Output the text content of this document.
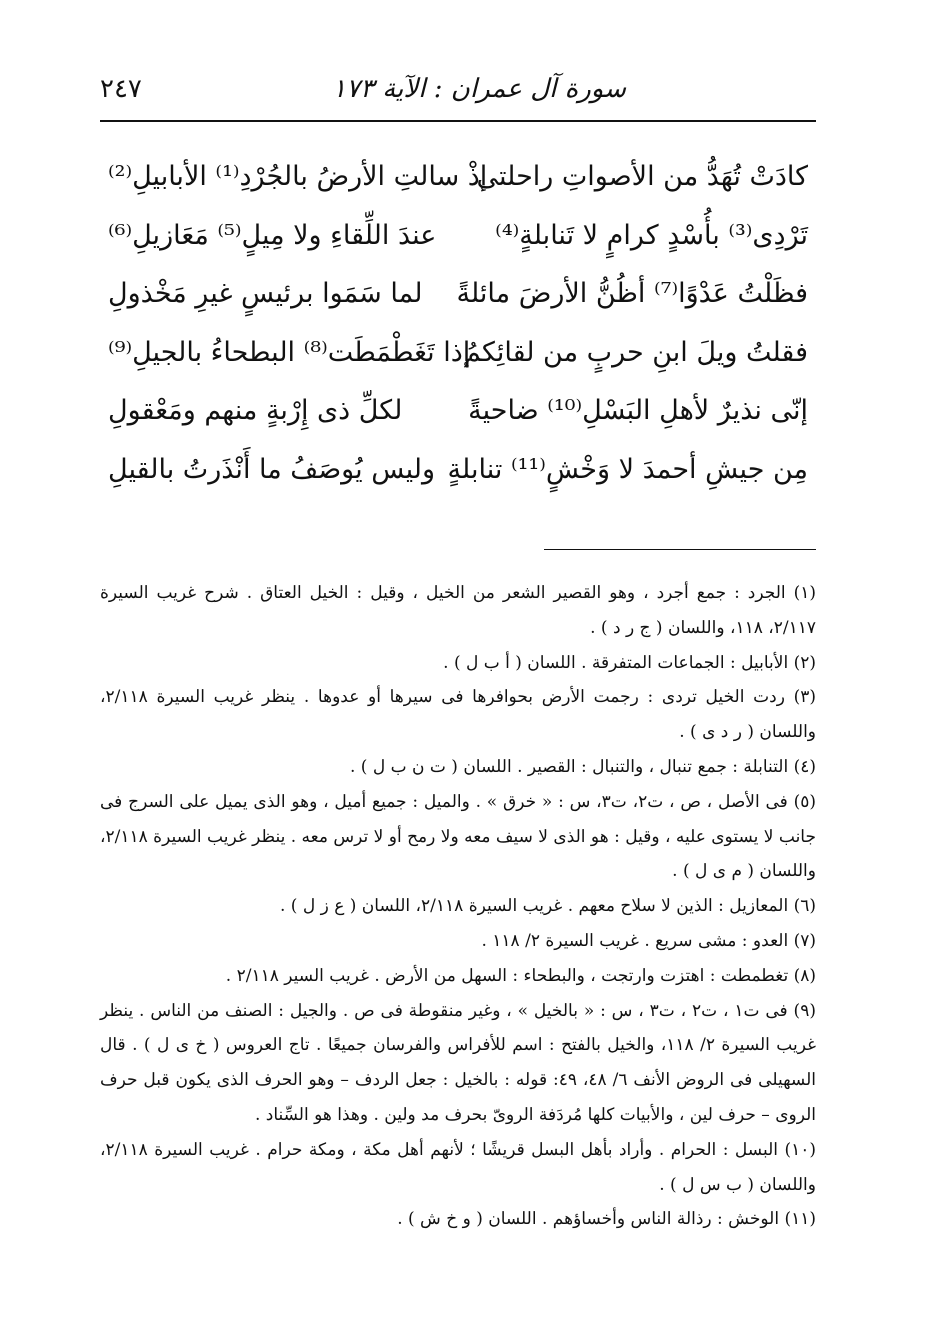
سورة آل عمران : الآية ١٧٣
٢٤٧
كادَتْ تُهَدُّ من الأصواتِ راحلتى
إذْ سالتِ الأرضُ بالجُرْدِ⁽¹⁾ الأبابيلِ⁽²⁾
تَرْدِى⁽³⁾ بأُسْدٍ كرامٍ لا تَنابلةٍ⁽⁴⁾
عندَ اللِّقاءِ ولا مِيلٍ⁽⁵⁾ مَعَازيلِ⁽⁶⁾
فظَلْتُ عَدْوًا⁽⁷⁾ أظُنُّ الأرضَ مائلةً
لما سَمَوا برئيسٍ غيرِ مَخْذولِ
فقلتُ ويلَ ابنِ حربٍ من لقائِكمُ
إذا تَغَطْمَطَت⁽⁸⁾ البطحاءُ بالجيلِ⁽⁹⁾
إنّى نذيرٌ لأهلِ البَسْلِ⁽¹⁰⁾ ضاحيةً
لكلِّ ذى إِرْبةٍ منهم ومَعْقولِ
مِن جيشِ أحمدَ لا وَخْشٍ⁽¹¹⁾ تنابلةٍ
وليس يُوصَفُ ما أَنْذَرتُ بالقيلِ
(١) الجرد : جمع أجرد ، وهو القصير الشعر من الخيل ، وقيل : الخيل العتاق . شرح غريب السيرة ٢/١١٧، ١١٨، واللسان ( ج ر د ) .
(٢) الأبابيل : الجماعات المتفرقة . اللسان ( أ ب ل ) .
(٣) ردت الخيل تردى : رجمت الأرض بحوافرها فى سيرها أو عدوها . ينظر غريب السيرة ٢/١١٨، واللسان ( ر د ى ) .
(٤) التنابلة : جمع تنبال ، والتنبال : القصير . اللسان ( ت ن ب ل ) .
(٥) فى الأصل ، ص ، ت٢، ت٣، س : « خرق » . والميل : جميع أميل ، وهو الذى يميل على السرج فى جانب لا يستوى عليه ، وقيل : هو الذى لا سيف معه ولا رمح أو لا ترس معه . ينظر غريب السيرة ٢/١١٨، واللسان ( م ى ل ) .
(٦) المعازيل : الذين لا سلاح معهم . غريب السيرة ٢/١١٨، اللسان ( ع ز ل ) .
(٧) العدو : مشى سريع . غريب السيرة ٢/ ١١٨ .
(٨) تغطمطت : اهتزت وارتجت ، والبطحاء : السهل من الأرض . غريب السير ٢/١١٨ .
(٩) فى ت١ ، ت٢ ، ت٣ ، س : « بالخيل » ، وغير منقوطة فى ص . والجيل : الصنف من الناس . ينظر غريب السيرة ٢/ ١١٨، والخيل بالفتح : اسم للأفراس والفرسان جميعًا . تاج العروس ( خ ى ل ) . قال السهيلى فى الروض الأنف ٦/ ٤٨، ٤٩: قوله : بالخيل : جعل الردف – وهو الحرف الذى يكون قبل حرف الروى – حرف لين ، والأبيات كلها مُردَفة الروىّ بحرف مد ولين . وهذا هو السِّناد .
(١٠) البسل : الحرام . وأراد بأهل البسل قريشًا ؛ لأنهم أهل مكة ، ومكة حرام . غريب السيرة ٢/١١٨، واللسان ( ب س ل ) .
(١١) الوخش : رذالة الناس وأخساؤهم . اللسان ( و خ ش ) .
